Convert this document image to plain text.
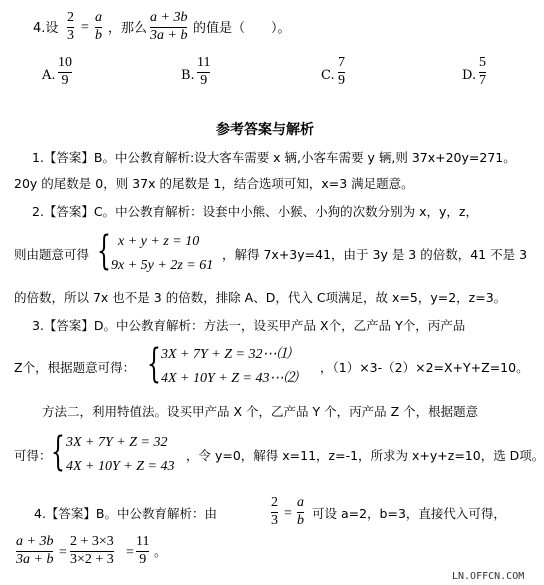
4.设
2
3
=
a
b ，那么
a + 3b
3a + b 的值是（　　）。
A.
10
9	B.
11
9	C.
7
9	D.
5
7
参考答案与解析
1.【答案】B。中公教育解析:设大客车需要 x 辆,小客车需要 y 辆,则 37x+20y=271。
20y 的尾数是 0，则 37x 的尾数是 1，结合选项可知，x=3 满足题意。
2.【答案】C。中公教育解析：设套中小熊、小猴、小狗的次数分别为 x，y，z，
则由题意可得 { x + y + z = 10
9x + 5y + 2z = 61
，解得 7x+3y=41，由于 3y 是 3 的倍数，41 不是 3
的倍数，所以 7x 也不是 3 的倍数，排除 A、D，代入 C项满足，故 x=5，y=2，z=3。
3.【答案】D。中公教育解析：方法一，设买甲产品 X个，乙产品 Y个，丙产品
Z个，根据题意可得： { 3X + 7Y + Z = 32⋯⑴
4X + 10Y + Z = 43⋯⑵
，（1）×3-（2）×2=X+Y+Z=10。
方法二，利用特值法。设买甲产品 X 个，乙产品 Y 个，丙产品 Z 个，根据题意
可得： { 3X + 7Y + Z = 32
4X + 10Y + Z = 43
，令 y=0，解得 x=11，z=-1，所求为 x+y+z=10，选 D项。
4.【答案】B。中公教育解析：由
2
3 =
a
b 可设 a=2，b=3，直接代入可得，
a + 3b
3a + b =
2 + 3×3
3×2 + 3 =
11
9 。
LN.OFFCN.COM
